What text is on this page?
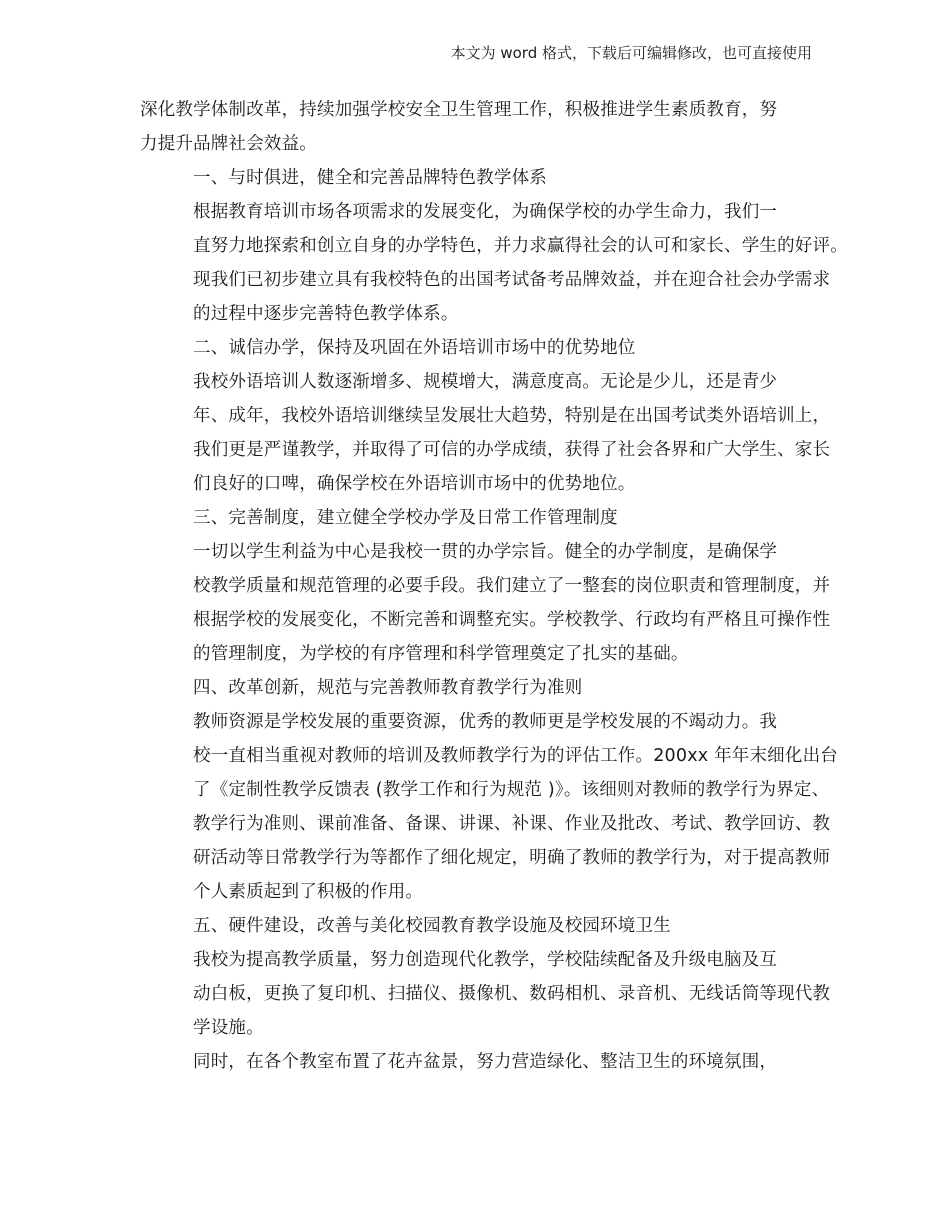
本文为 word 格式，下载后可编辑修改，也可直接使用

深化教学体制改革，持续加强学校安全卫生管理工作，积极推进学生素质教育，努
力提升品牌社会效益。

一、与时俱进，健全和完善品牌特色教学体系

根据教育培训市场各项需求的发展变化，为确保学校的办学生命力，我们一
直努力地探索和创立自身的办学特色，并力求赢得社会的认可和家长、学生的好评。
现我们已初步建立具有我校特色的出国考试备考品牌效益，并在迎合社会办学需求
的过程中逐步完善特色教学体系。

二、诚信办学，保持及巩固在外语培训市场中的优势地位

我校外语培训人数逐渐增多、规模增大，满意度高。无论是少儿，还是青少
年、成年，我校外语培训继续呈发展壮大趋势，特别是在出国考试类外语培训上，
我们更是严谨教学，并取得了可信的办学成绩，获得了社会各界和广大学生、家长
们良好的口啤，确保学校在外语培训市场中的优势地位。

三、完善制度，建立健全学校办学及日常工作管理制度

一切以学生利益为中心是我校一贯的办学宗旨。健全的办学制度，是确保学
校教学质量和规范管理的必要手段。我们建立了一整套的岗位职责和管理制度，并
根据学校的发展变化，不断完善和调整充实。学校教学、行政均有严格且可操作性
的管理制度，为学校的有序管理和科学管理奠定了扎实的基础。

四、改革创新，规范与完善教师教育教学行为准则

教师资源是学校发展的重要资源，优秀的教师更是学校发展的不竭动力。我
校一直相当重视对教师的培训及教师教学行为的评估工作。200xx 年年末细化出台
了《定制性教学反馈表 (教学工作和行为规范 )》。该细则对教师的教学行为界定、
教学行为准则、课前准备、备课、讲课、补课、作业及批改、考试、教学回访、教
研活动等日常教学行为等都作了细化规定，明确了教师的教学行为，对于提高教师
个人素质起到了积极的作用。

五、硬件建设，改善与美化校园教育教学设施及校园环境卫生

我校为提高教学质量，努力创造现代化教学，学校陆续配备及升级电脑及互
动白板，更换了复印机、扫描仪、摄像机、数码相机、录音机、无线话筒等现代教
学设施。

同时，在各个教室布置了花卉盆景，努力营造绿化、整洁卫生的环境氛围，
